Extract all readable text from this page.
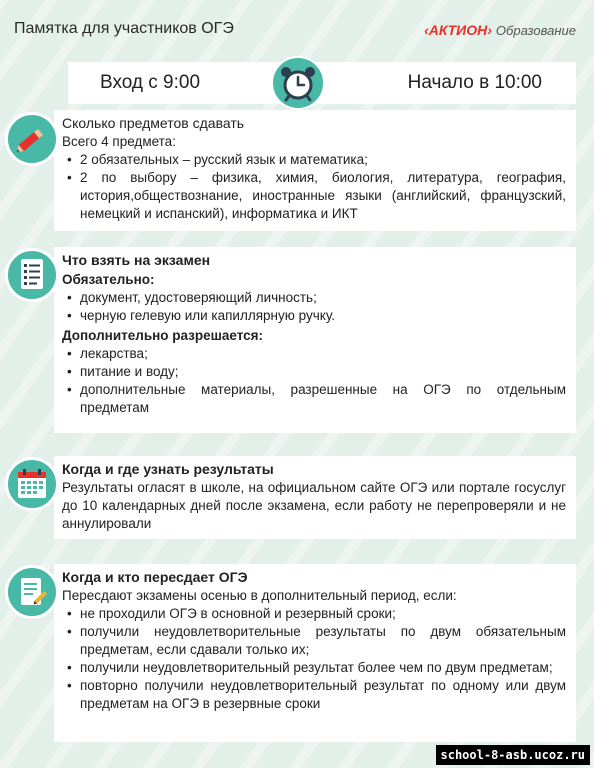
Памятка для участников ОГЭ	‹АКТИОН› Образование
Вход с 9:00	Начало в 10:00
Сколько предметов сдавать

Всего 4 предмета:

• 2 обязательных – русский язык и математика;
• 2 по выбору – физика, химия, биология, литература, география, история,обществознание, иностранные языки (английский, французский, немецкий и испанский), информатика и ИКТ
Что взять на экзамен
Обязательно:
• документ, удостоверяющий личность;
• черную гелевую или капиллярную ручку.
Дополнительно разрешается:
• лекарства;
• питание и воду;
• дополнительные материалы, разрешенные на ОГЭ по отдельным предметам
Когда и где узнать результаты

Результаты огласят в школе, на официальном сайте ОГЭ или портале госуслуг до 10 календарных дней после экзамена, если работу не перепроверяли и не аннулировали

Когда и кто пересдает ОГЭ

Пересдают экзамены осенью в дополнительный период, если:

• не проходили ОГЭ в основной и резервный сроки;
• получили неудовлетворительные результаты по двум обязательным предметам, если сдавали только их;
• получили неудовлетворительный результат более чем по двум предметам;
• повторно получили неудовлетворительный результат по одному или двум предметам на ОГЭ в резервные сроки
school-8-asb.ucoz.ru
